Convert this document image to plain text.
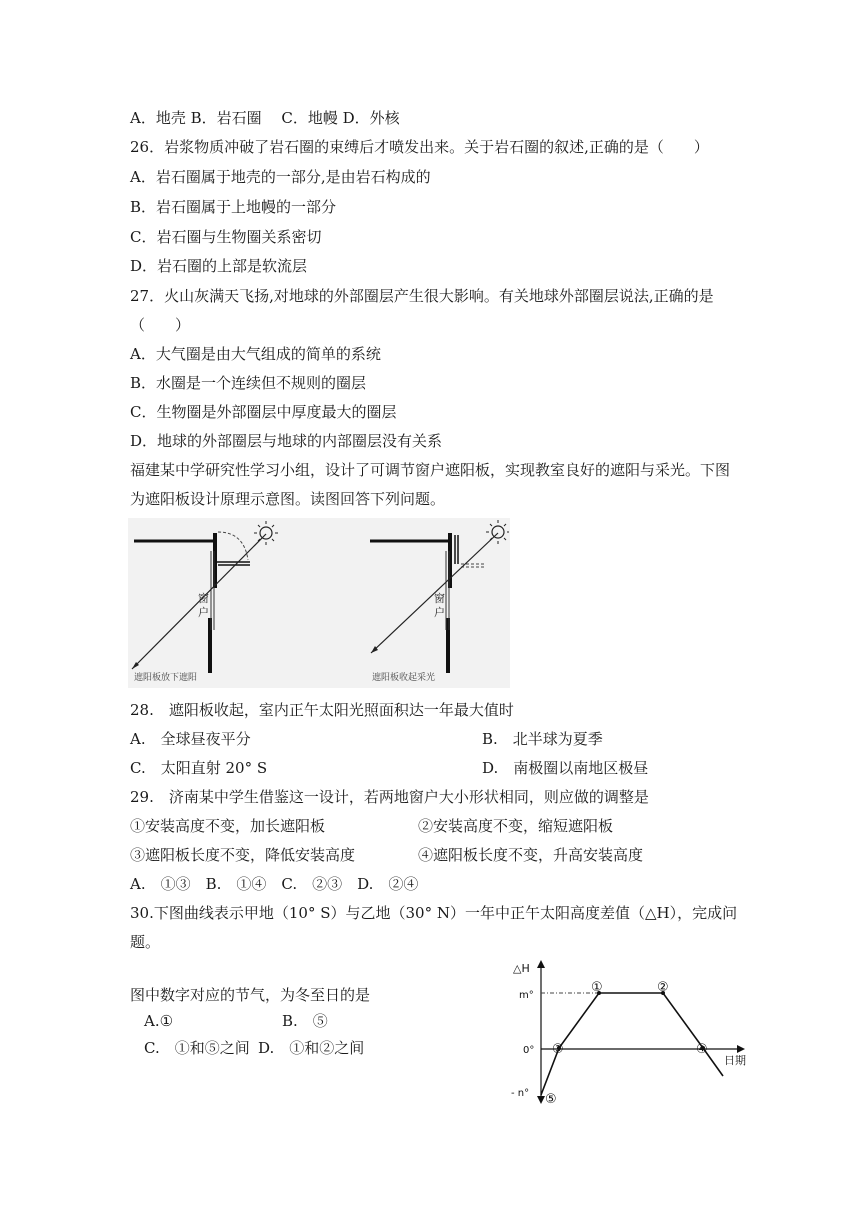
A．地壳 B．岩石圈　 C．地幔 D．外核
26．岩浆物质冲破了岩石圈的束缚后才喷发出来。关于岩石圈的叙述,正确的是（　　）
A．岩石圈属于地壳的一部分,是由岩石构成的
B．岩石圈属于上地幔的一部分
C．岩石圈与生物圈关系密切
D．岩石圈的上部是软流层
27．火山灰满天飞扬,对地球的外部圈层产生很大影响。有关地球外部圈层说法,正确的是
（　　）
A．大气圈是由大气组成的简单的系统
B．水圈是一个连续但不规则的圈层
C．生物圈是外部圈层中厚度最大的圈层
D．地球的外部圈层与地球的内部圈层没有关系
福建某中学研究性学习小组，设计了可调节窗户遮阳板，实现教室良好的遮阳与采光。下图
为遮阳板设计原理示意图。读图回答下列问题。
窗
户
遮阳板放下遮阳
窗
户
遮阳板收起采光
28.　遮阳板收起，室内正午太阳光照面积达一年最大值时
A.　全球昼夜平分	B.　北半球为夏季
C.　太阳直射 20° S	D.　南极圈以南地区极昼
29.　济南某中学生借鉴这一设计，若两地窗户大小形状相同，则应做的调整是
①安装高度不变，加长遮阳板	②安装高度不变，缩短遮阳板
③遮阳板长度不变，降低安装高度	④遮阳板长度不变，升高安装高度
A.　①③　B.　①④　C.　②③　D.　②④
30.下图曲线表示甲地（10° S）与乙地（30° N）一年中正午太阳高度差值（△H），完成问
题。
图中数字对应的节气，为冬至日的是
A.①	B.　⑤
C.　①和⑤之间 D.　①和②之间
△H
m°
0°
- n°
日期
①	②
③	④
⑤
